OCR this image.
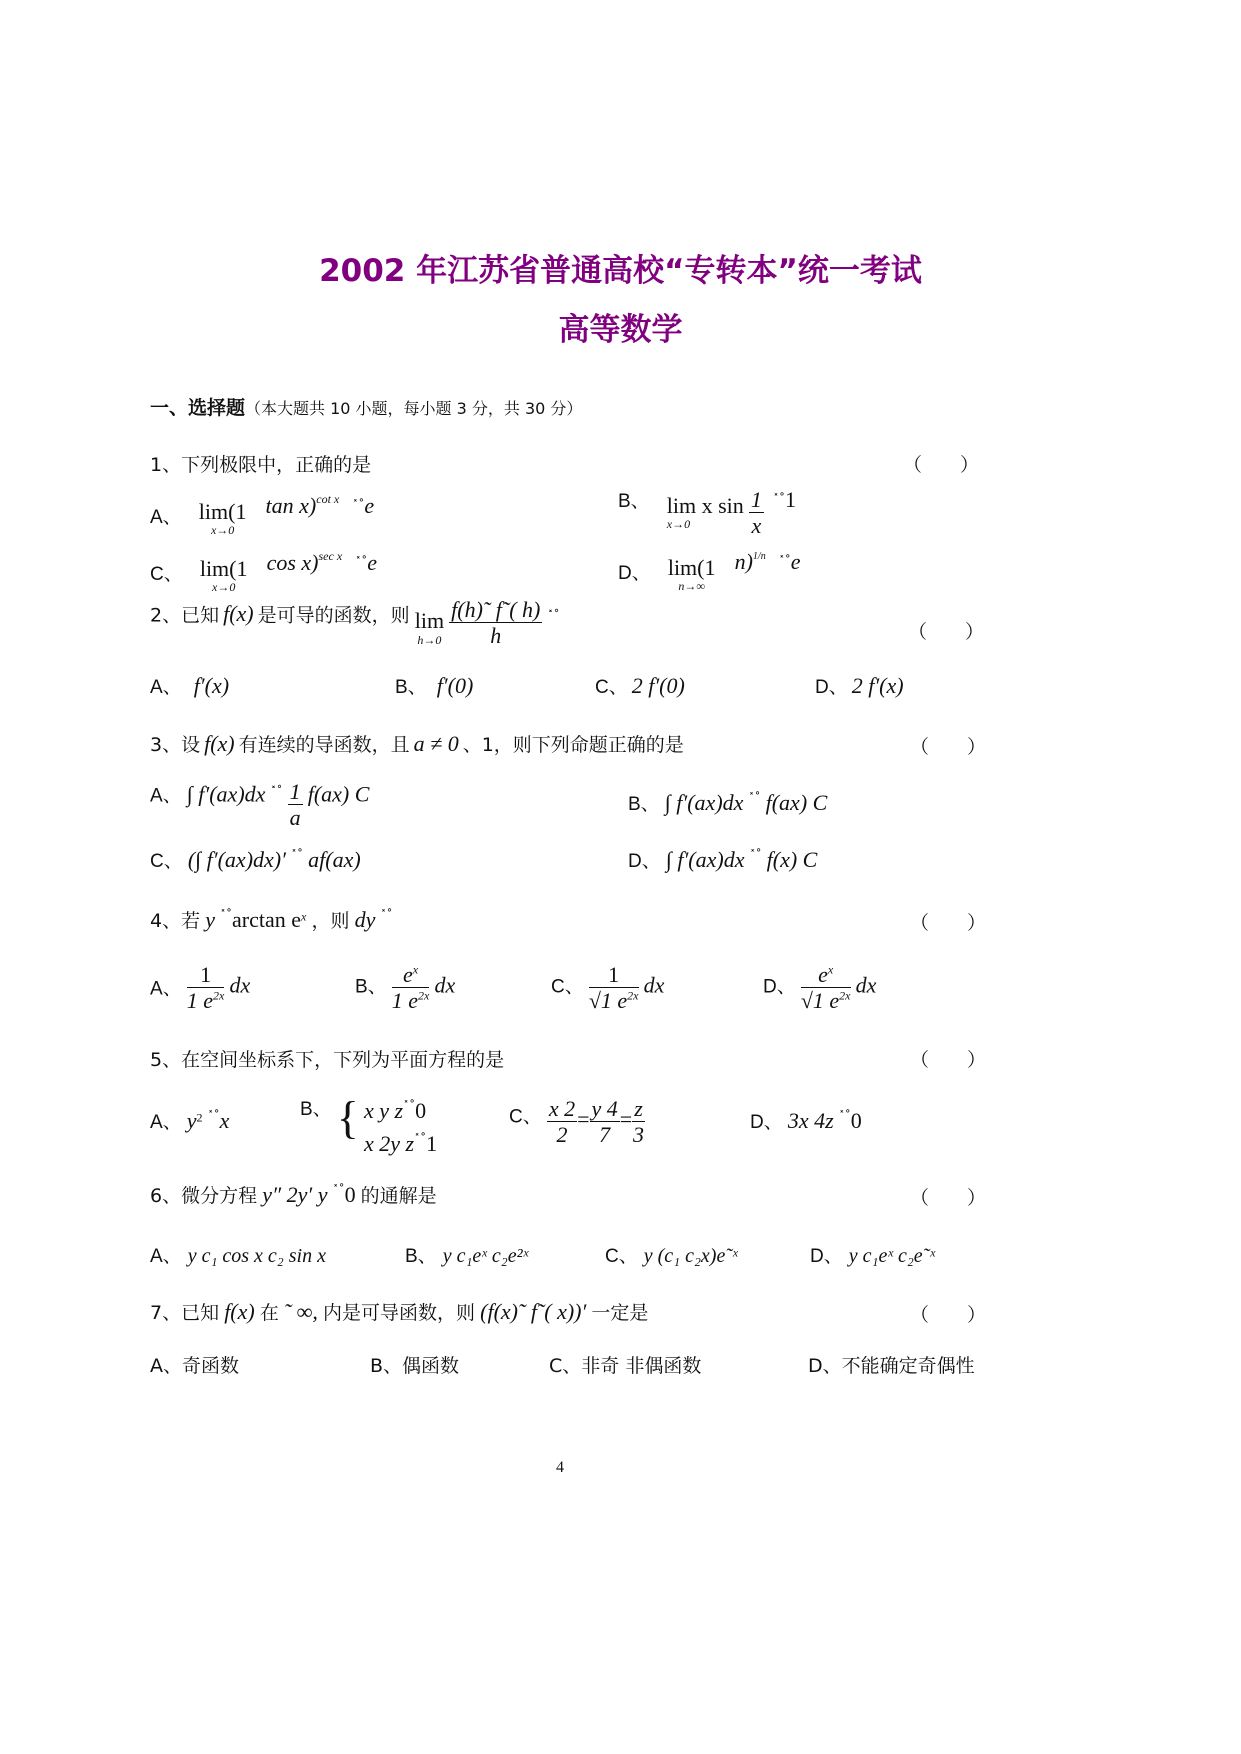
2002 年江苏省普通高校“专转本”统一考试
高等数学
一、选择题（本大题共 10 小题，每小题 3 分，共 30 分）
1、下列极限中，正确的是	（　　）
A、 lim(1
x→0
tan x)$^{cot x}$ ˟˚e	B、 lim x sin
x→0
	$\frac{1}{x} ^{˟˚}1$
C、 lim(1
x→0
cos x)$^{sec x}$ ˟˚e	D、 lim(1
n→∞
n)$^{1/n}$ ˟˚e
2、已知 f(x) 是可导的函数，则 lim
h→0
$\frac{f(h)˜ f˜( h)}{h} ^{˟˚}$
（　　）
A、 f′(x)	B、 f′(0)	C、 2 f′(0)	D、 2 f′(x)
3、设 f(x) 有连续的导函数，且 a ≠ 0 、1，则下列命题正确的是	（　　）
A、 ∫ f′(ax)dx $^{˟˚} \frac{1}{a} f(ax)$ C	B、 ∫ f′(ax)dx ˟˚ f(ax) C
C、 (∫ f′(ax)dx)′ ˟˚ af(ax)	D、 ∫ f′(ax)dx ˟˚ f(x) C
4、若 y ˟˚arctan $e^x$ ，则 dy ˟˚	（　　）
A、 $\frac{1}{1 e^{2x}}$ dx	B、 $\frac{e^x}{1 e^{2x}}$ dx	C、 $\frac{1}{√1 e^{2x}}$ dx	D、 $\frac{e^x}{√1 e^{2x}}$ dx
5、在空间坐标系下，下列为平面方程的是	（　　）
A、 $y^2$ ˟˚x	B、 { x y z˟˚0
x 2y z˟˚1
C、 $\frac{x 2}{2} = \frac{y 4}{7} = \frac{z}{3}$	D、 3x 4z ˟˚0
6、微分方程 y″ 2y′ y ˟˚0 的通解是	（　　）
A、 y c₁ cos x c₂ sin x	B、 y c₁eˣ c₂e²ˣ	C、 y (c₁ c₂x)e˜ˣ	D、 y c₁eˣ c₂e˜ˣ
7、已知 f(x) 在 ˜ ∞, 内是可导函数，则 (f(x)˜ f˜( x))′ 一定是	（　　）
A、奇函数	B、偶函数	C、非奇 非偶函数	D、不能确定奇偶性
4
